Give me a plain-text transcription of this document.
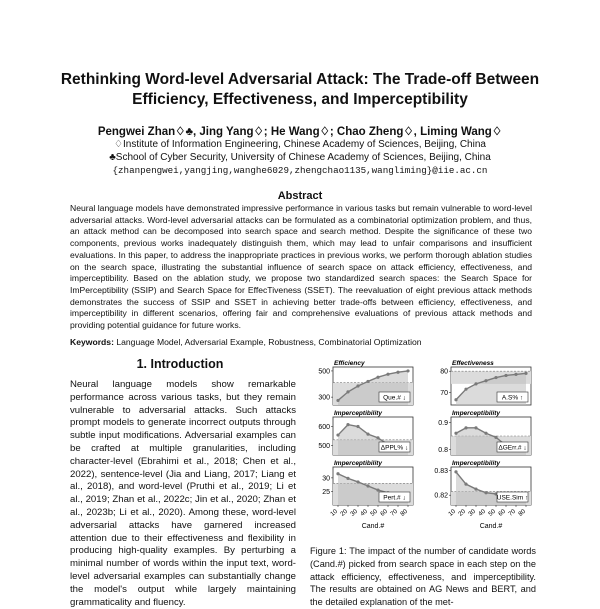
Rethinking Word-level Adversarial Attack: The Trade-off Between
Efficiency, Effectiveness, and Imperceptibility
Pengwei Zhan♢♣, Jing Yang♢; He Wang♢; Chao Zheng♢, Liming Wang♢
♢Institute of Information Engineering, Chinese Academy of Sciences, Beijing, China
♣School of Cyber Security, University of Chinese Academy of Sciences, Beijing, China
{zhanpengwei,yangjing,wanghe6029,zhengchao1135,wangliming}@iie.ac.cn
Abstract
Neural language models have demonstrated impressive performance in various tasks but remain vulnerable to word-level adversarial attacks. Word-level adversarial attacks can be formulated as a combinatorial optimization problem, and thus, an attack method can be decomposed into search space and search method. Despite the significance of these two components, previous works inadequately distinguish them, which may lead to unfair comparisons and insufficient evaluations. In this paper, to address the inappropriate practices in previous works, we perform thorough ablation studies on the search space, illustrating the substantial influence of search space on attack efficiency, effectiveness, and imperceptibility. Based on the ablation study, we propose two standardized search spaces: the Search Space for ImPerceptibility (SSIP) and Search Space for EffecTiveness (SSET). The reevaluation of eight previous attack methods demonstrates the success of SSIP and SSET in achieving better trade-offs between efficiency, effectiveness, and imperceptibility in different scenarios, offering fair and comprehensive evaluations of previous attack methods and providing potential guidance for future works.
Keywords: Language Model, Adversarial Example, Robustness, Combinatorial Optimization
1. Introduction
Neural language models show remarkable performance across various tasks, but they remain vulnerable to adversarial attacks. Such attacks prompt models to generate incorrect outputs through subtle input modifications. Adversarial examples can be crafted at multiple granularities, including character-level (Ebrahimi et al., 2018; Chen et al., 2022), sentence-level (Jia and Liang, 2017; Liang et al., 2018), and word-level (Pruthi et al., 2019; Li et al., 2019; Zhan et al., 2022c; Jin et al., 2020; Zhan et al., 2023b; Li et al., 2020). Among these, word-level adversarial attacks have garnered increased attention due to their effectiveness and flexibility in producing high-quality examples. By perturbing a minimal number of words within the input text, word-level adversarial examples can substantially change the model's output while largely maintaining grammaticality and fluency.
Efficiency
300
500
Que.# ↓
Effectiveness
70
80
A.S% ↑
Imperceptibility
500
600
ΔPPL% ↓
Imperceptibility
0.8
0.9
ΔGErr.# ↓
Imperceptibility
25
30
Pert.# ↓
10 20 30 40 50 60 70 80
Cand.#
Imperceptibility
0.82
0.83
USE.Sim ↑
10 20 30 40 50 60 70 80
Cand.#
Figure 1: The impact of the number of candidate words (Cand.#) picked from search space in each step on the attack efficiency, effectiveness, and imperceptibility. The results are obtained on AG News and BERT, and the detailed explanation of the met-
